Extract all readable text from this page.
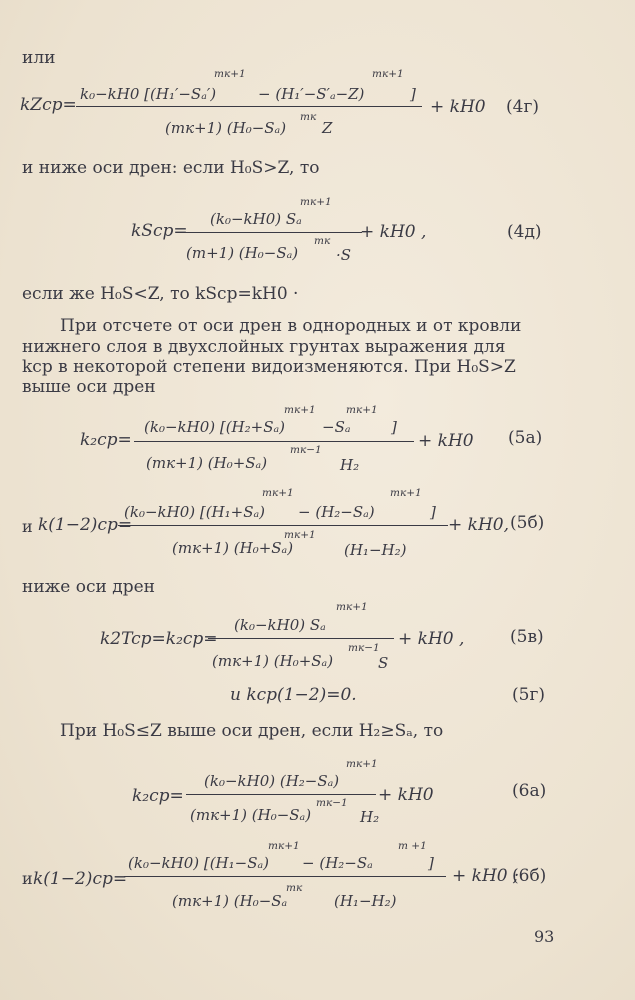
или
kZcp=
mк+1	mк+1
k₀−kH0 [(H₁′−Sₐ′)	− (H₁′−S′ₐ−Z)	]
(mк+1) (H₀−Sₐ)
mк
Z
+ kH0 (4г)
и ниже оси дрен: если H₀S>Z, то
kScp=
mк+1
(k₀−kH0) Sₐ
(m+1) (H₀−Sₐ)
mк
·S
+ kH0 ,	(4д)
если же H₀S<Z, то kScp=kH0 ·
При отсчете от оси дрен в однородных и от кровли
нижнего слоя в двухслойных грунтах выражения для
kcp в некоторой степени видоизменяются. При H₀S>Z
выше оси дрен
k₂cp=
mк+1	mк+1
(k₀−kH0) [(H₂+Sₐ) −Sₐ	]
(mк+1) (H₀+Sₐ)
mк−1
H₂
+ kH0 (5а)
и k(1−2)cp=
mк+1	mк+1
(k₀−kH0) [(H₁+Sₐ) − (H₂−Sₐ)	]
(mк+1) (H₀+Sₐ)
mк+1
(H₁−H₂)
+ kH0, (5б)
ниже оси дрен
k2Tcp=k₂cp=
mк+1
(k₀−kH0) Sₐ
(mк+1) (H₀+Sₐ)
mк−1
S
+ kH0 ,	(5в)
и kcp(1−2)=0.	(5г)
При H₀S≤Z выше оси дрен, если H₂≥Sₐ, то
k₂cp=
mк+1
(k₀−kH0) (H₂−Sₐ)
(mк+1) (H₀−Sₐ)
mк−1
H₂
+ kH0	(6а)
и k(1−2)cp=
mк+1	m +1
(k₀−kH0) [(H₁−Sₐ) − (H₂−Sₐ	]
(mк+1) (H₀−Sₐ
mк
(H₁−H₂)
+ kH0 ;
(6б)
93
